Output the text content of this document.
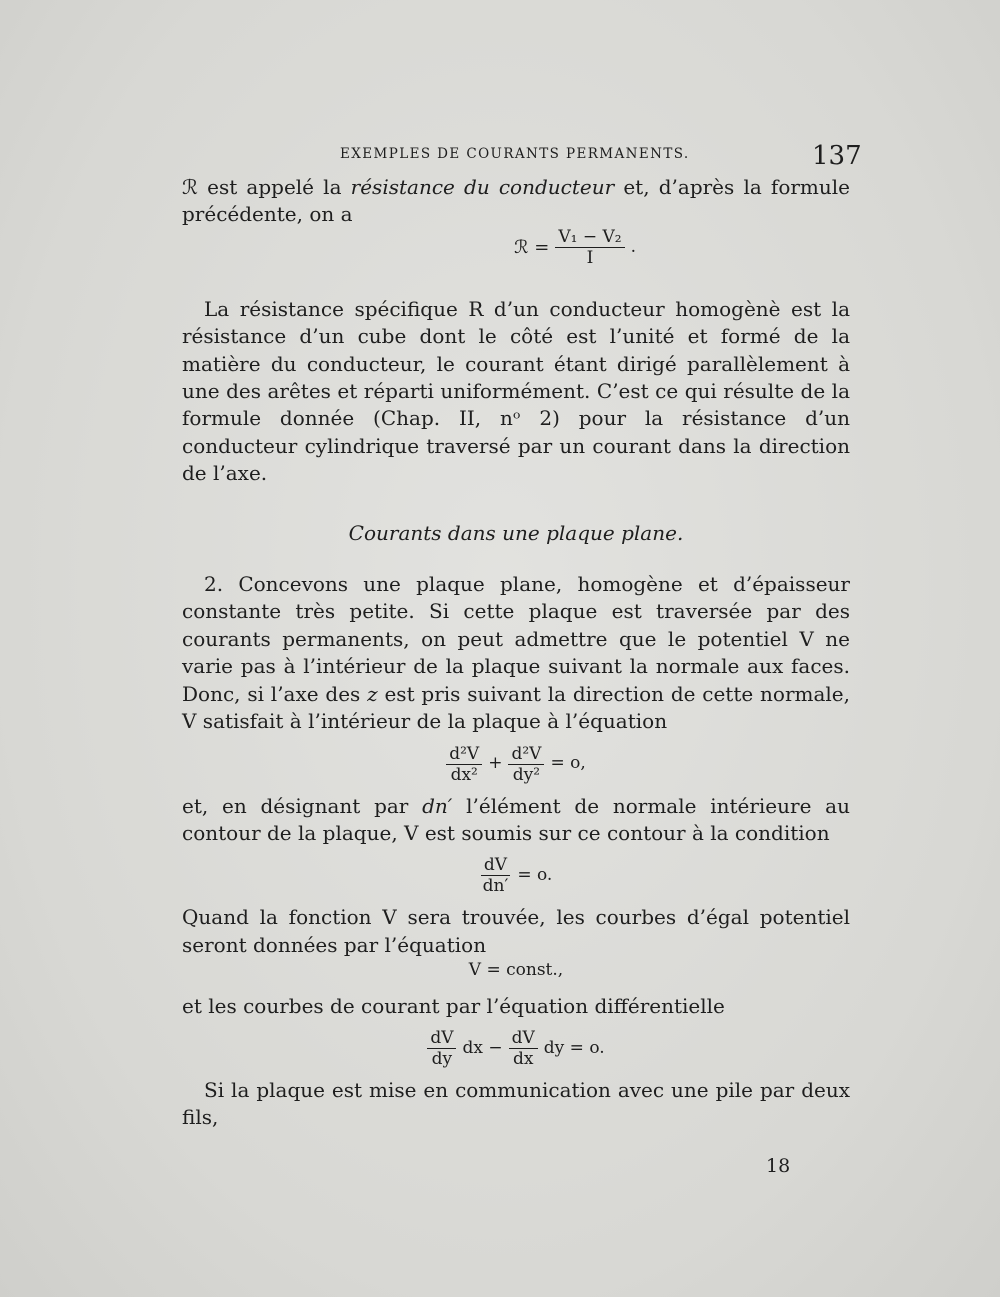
EXEMPLES DE COURANTS PERMANENTS.	137

ℛ est appelé la résistance du conducteur et, d’après la formule précédente, on a

ℛ = $\frac{\text{V₁ − V₂}}{I}$ .

La résistance spécifique R d’un conducteur homogènè est la résistance d’un cube dont le côté est l’unité et formé de la matière du conducteur, le courant étant dirigé parallèlement à une des arêtes et réparti uniformément. C’est ce qui résulte de la formule donnée (Chap. II, nᵒ 2) pour la résistance d’un conducteur cylindrique traversé par un courant dans la direction de l’axe.

Courants dans une plaque plane.

2. Concevons une plaque plane, homogène et d’épaisseur constante très petite. Si cette plaque est traversée par des courants permanents, on peut admettre que le potentiel V ne varie pas à l’intérieur de la plaque suivant la normale aux faces. Donc, si l’axe des z est pris suivant la direction de cette normale, V satisfait à l’intérieur de la plaque à l’équation

$\frac{\text{d²V}}{\text{dx²}} + \frac{\text{d²V}}{\text{dy²}} = o$,

et, en désignant par dn′ l’élément de normale intérieure au contour de la plaque, V est soumis sur ce contour à la condition

$\frac{dV}{dn'} = o$.

Quand la fonction V sera trouvée, les courbes d’égal potentiel seront données par l’équation

V = const.,

et les courbes de courant par l’équation différentielle

$\frac{dV}{dy}$ dx − $\frac{dV}{dx}$ dy = o.

Si la plaque est mise en communication avec une pile par deux fils,

18
